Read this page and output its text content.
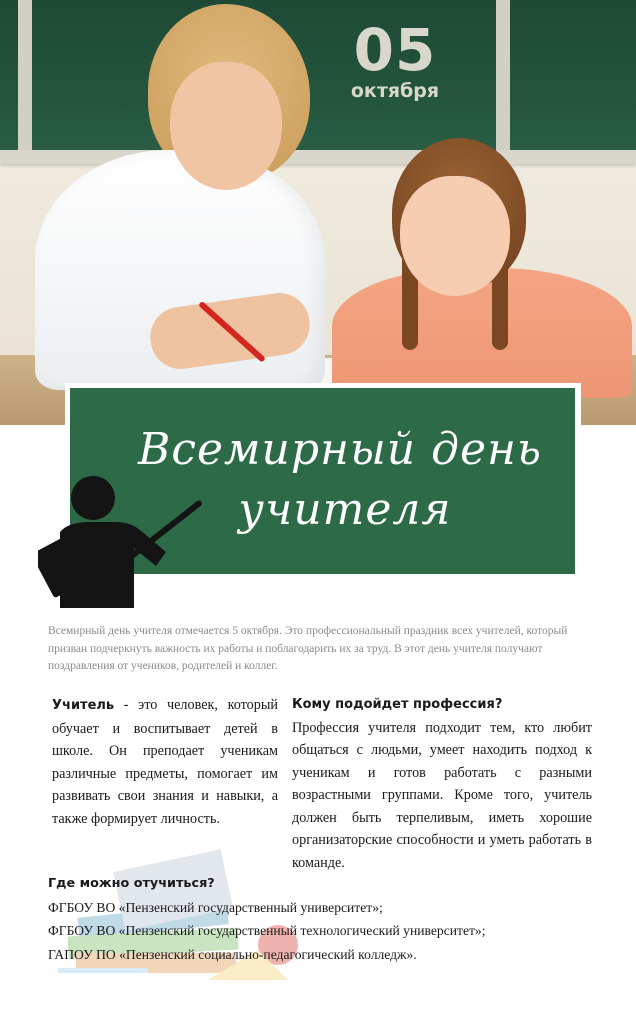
05
октября
Всемирный день
учителя

Всемирный день учителя отмечается 5 октября. Это профессиональный праздник всех учителей, который призван подчеркнуть важность их работы и поблагодарить их за труд. В этот день учителя получают поздравления от учеников, родителей и коллег.

Учитель - это человек, который обучает и воспитывает детей в школе. Он преподает ученикам различные предметы, помогает им развивать свои знания и навыки, а также формирует личность.
Кому подойдет профессия?
Профессия учителя подходит тем, кто любит общаться с людьми, умеет находить подход к ученикам и готов работать с разными возрастными группами. Кроме того, учитель должен быть терпеливым, иметь хорошие организаторские способности и уметь работать в команде.
Где можно отучиться?
ФГБОУ ВО «Пензенский государственный университет»;
ФГБОУ ВО «Пензенский государственный технологический университет»;
ГАПОУ ПО «Пензенский социально-педагогический колледж».
